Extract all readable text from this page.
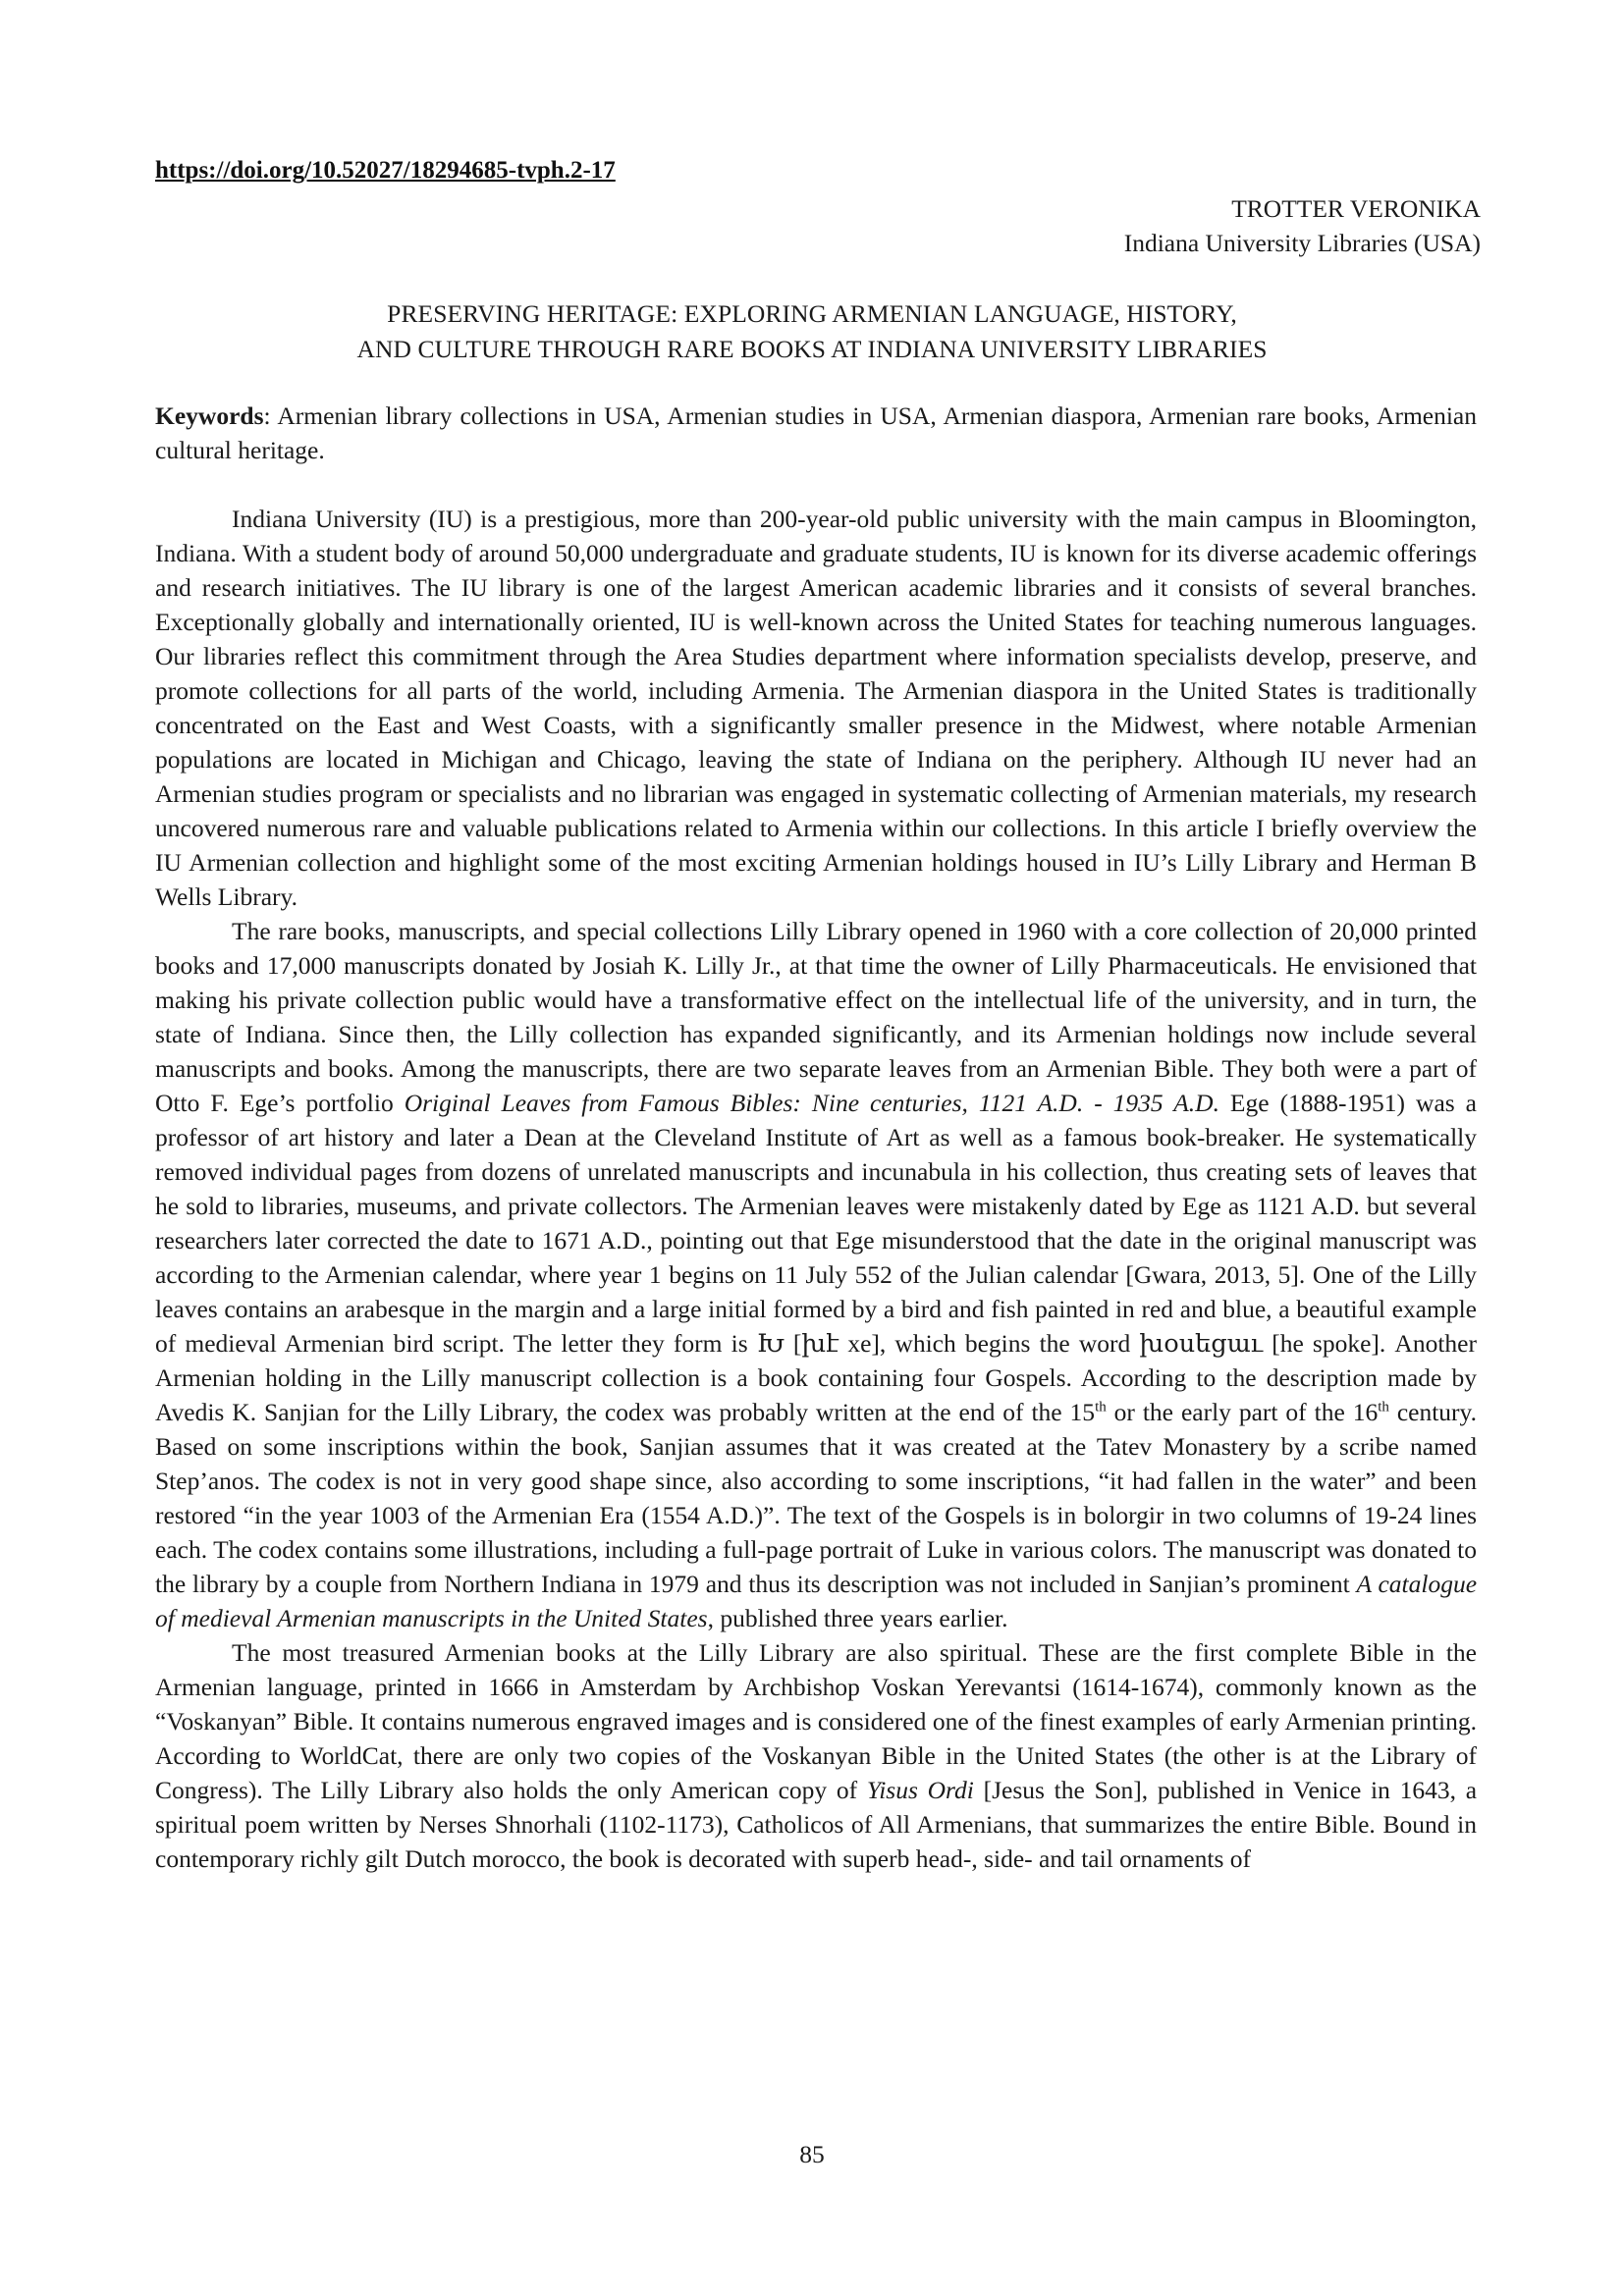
https://doi.org/10.52027/18294685-tvph.2-17
TROTTER VERONIKA
Indiana University Libraries (USA)
PRESERVING HERITAGE: EXPLORING ARMENIAN LANGUAGE, HISTORY,
AND CULTURE THROUGH RARE BOOKS AT INDIANA UNIVERSITY LIBRARIES

Keywords: Armenian library collections in USA, Armenian studies in USA, Armenian diaspora, Armenian rare books, Armenian cultural heritage.

Indiana University (IU) is a prestigious, more than 200-year-old public university with the main campus in Bloomington, Indiana. With a student body of around 50,000 undergraduate and graduate students, IU is known for its diverse academic offerings and research initiatives. The IU library is one of the largest American academic libraries and it consists of several branches. Exceptionally globally and internationally oriented, IU is well-known across the United States for teaching numerous languages. Our libraries reflect this commitment through the Area Studies department where information specialists develop, preserve, and promote collections for all parts of the world, including Armenia. The Armenian diaspora in the United States is traditionally concentrated on the East and West Coasts, with a significantly smaller presence in the Midwest, where notable Armenian populations are located in Michigan and Chicago, leaving the state of Indiana on the periphery. Although IU never had an Armenian studies program or specialists and no librarian was engaged in systematic collecting of Armenian materials, my research uncovered numerous rare and valuable publications related to Armenia within our collections. In this article I briefly overview the IU Armenian collection and highlight some of the most exciting Armenian holdings housed in IU’s Lilly Library and Herman B Wells Library.

The rare books, manuscripts, and special collections Lilly Library opened in 1960 with a core collection of 20,000 printed books and 17,000 manuscripts donated by Josiah K. Lilly Jr., at that time the owner of Lilly Pharmaceuticals. He envisioned that making his private collection public would have a transformative effect on the intellectual life of the university, and in turn, the state of Indiana. Since then, the Lilly collection has expanded significantly, and its Armenian holdings now include several manuscripts and books. Among the manuscripts, there are two separate leaves from an Armenian Bible. They both were a part of Otto F. Ege’s portfolio Original Leaves from Famous Bibles: Nine centuries, 1121 A.D. - 1935 A.D. Ege (1888-1951) was a professor of art history and later a Dean at the Cleveland Institute of Art as well as a famous book-breaker. He systematically removed individual pages from dozens of unrelated manuscripts and incunabula in his collection, thus creating sets of leaves that he sold to libraries, museums, and private collectors. The Armenian leaves were mistakenly dated by Ege as 1121 A.D. but several researchers later corrected the date to 1671 A.D., pointing out that Ege misunderstood that the date in the original manuscript was according to the Armenian calendar, where year 1 begins on 11 July 552 of the Julian calendar [Gwara, 2013, 5]. One of the Lilly leaves contains an arabesque in the margin and a large initial formed by a bird and fish painted in red and blue, a beautiful example of medieval Armenian bird script. The letter they form is Խ [խէ xe], which begins the word խօսեցաւ [he spoke]. Another Armenian holding in the Lilly manuscript collection is a book containing four Gospels. According to the description made by Avedis K. Sanjian for the Lilly Library, the codex was probably written at the end of the 15th or the early part of the 16th century. Based on some inscriptions within the book, Sanjian assumes that it was created at the Tatev Monastery by a scribe named Step’anos. The codex is not in very good shape since, also according to some inscriptions, “it had fallen in the water” and been restored “in the year 1003 of the Armenian Era (1554 A.D.)”. The text of the Gospels is in bolorgir in two columns of 19-24 lines each. The codex contains some illustrations, including a full-page portrait of Luke in various colors. The manuscript was donated to the library by a couple from Northern Indiana in 1979 and thus its description was not included in Sanjian’s prominent A catalogue of medieval Armenian manuscripts in the United States, published three years earlier.

The most treasured Armenian books at the Lilly Library are also spiritual. These are the first complete Bible in the Armenian language, printed in 1666 in Amsterdam by Archbishop Voskan Yerevantsi (1614-1674), commonly known as the “Voskanyan” Bible. It contains numerous engraved images and is considered one of the finest examples of early Armenian printing. According to WorldCat, there are only two copies of the Voskanyan Bible in the United States (the other is at the Library of Congress). The Lilly Library also holds the only American copy of Yisus Ordi [Jesus the Son], published in Venice in 1643, a spiritual poem written by Nerses Shnorhali (1102-1173), Catholicos of All Armenians, that summarizes the entire Bible. Bound in contemporary richly gilt Dutch morocco, the book is decorated with superb head-, side- and tail ornaments of

85
